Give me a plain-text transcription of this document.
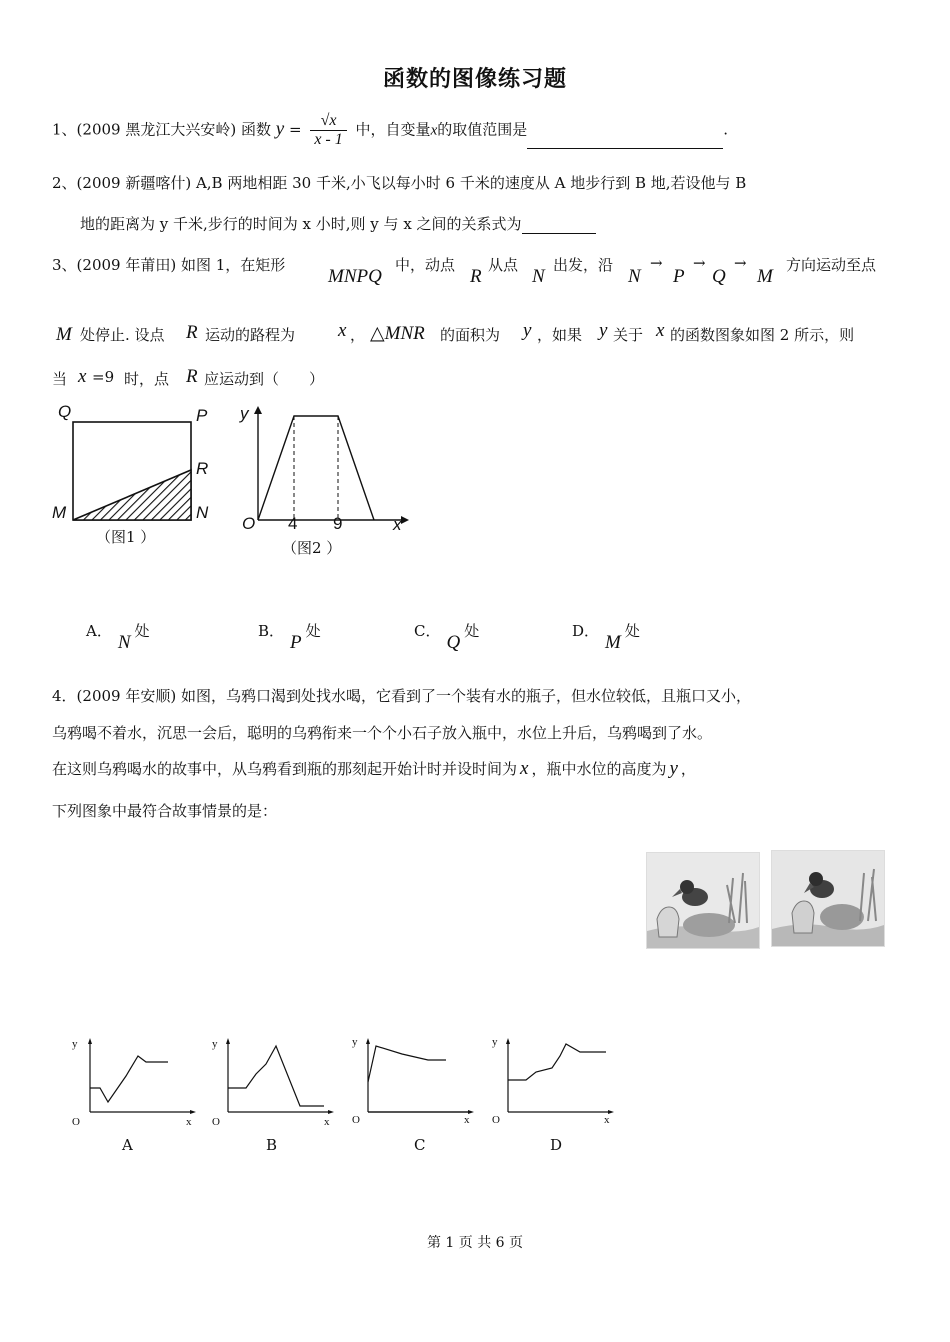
函数的图像练习题
1、(2009 黑龙江大兴安岭) 函数 $y = \frac{√x}{x - 1}$ 中，自变量x的取值范围是	.
2、(2009 新疆喀什) A,B 两地相距 30 千米,小飞以每小时 6 千米的速度从 A 地步行到 B 地,若设他与 B
地的距离为 y 千米,步行的时间为 x 小时,则 y 与 x 之间的关系式为
3、(2009 年莆田) 如图 1，在矩形
MNPQ
中，动点
R
从点
N
出发，沿
N
→
P
→
Q
→
M
方向运动至点
M 处停止. 设点 R 运动的路程为 x ， △MNR 的面积为 y ，如果 y 关于 x 的函数图象如图 2 所示，则
当 x =9 时，点 R 应运动到（　　）
Q	P
R
M	N
（图1 ）
y
O 4 9	x
（图2 ）
A．N处	B．P处	C．Q处	D．M处
4．(2009 年安顺) 如图，乌鸦口渴到处找水喝，它看到了一个装有水的瓶子，但水位较低，且瓶口又小，
乌鸦喝不着水，沉思一会后，聪明的乌鸦衔来一个个小石子放入瓶中，水位上升后，乌鸦喝到了水。
在这则乌鸦喝水的故事中，从乌鸦看到瓶的那刻起开始计时并设时间为 x ，瓶中水位的高度为 y ，
下列图象中最符合故事情景的是：
y
O	x
A
y
O	x
B
y
O	x
C
y
O	x
D
第 1 页 共 6 页
